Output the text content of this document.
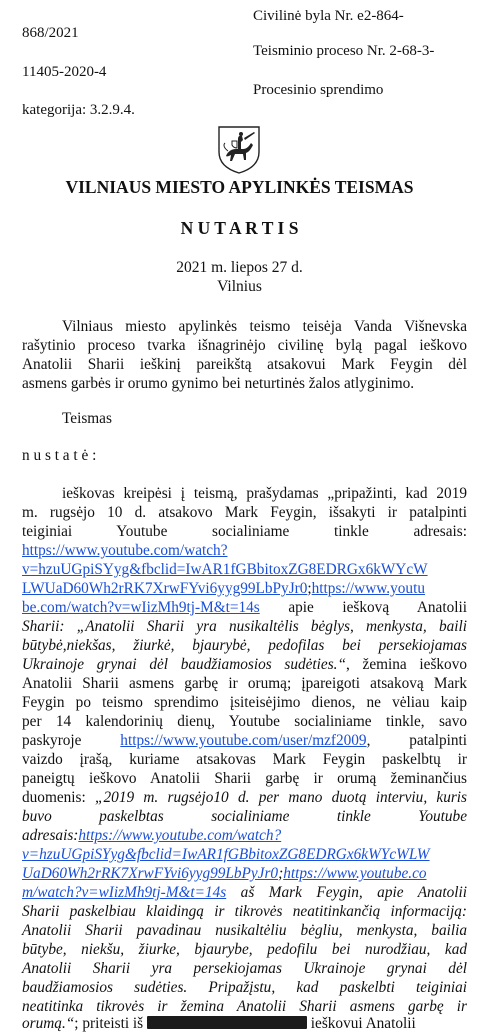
Civilinė byla Nr. e2-864-
868/2021
Teisminio proceso Nr. 2-68-3-
11405-2020-4
Procesinio sprendimo
kategorija: 3.2.9.4.
VILNIAUS MIESTO APYLINKĖS TEISMAS
N U T A R T I S
2021 m. liepos 27 d.
Vilnius
Vilniaus miesto apylinkės teismo teisėja Vanda Višnevska
rašytinio proceso tvarka išnagrinėjo civilinę bylą pagal ieškovo
Anatolii Sharii ieškinį pareikštą atsakovui Mark Feygin dėl
asmens garbės ir orumo gynimo bei neturtinės žalos atlyginimo.
Teismas
n u s t a t ė :
ieškovas kreipėsi į teismą, prašydamas „pripažinti, kad 2019
m. rugsėjo 10 d. atsakovo Mark Feygin, išsakyti ir patalpinti
teiginiai Youtube socialiniame tinkle adresais:
https://www.youtube.com/watch?
v=hzuUGpiSYyg&fbclid=IwAR1fGBbitoxZG8EDRGx6kWYcW
LWUaD60Wh2rRK7XrwFYvi6yyg99LbPyJr0;https://www.youtu
be.com/watch?v=wIizMh9tj-M&t=14s apie ieškovą Anatolii
Sharii: „Anatolii Sharii yra nusikaltėlis bėglys, menkysta, baili
būtybė,niekšas, žiurkė, bjaurybė, pedofilas bei persekiojamas
Ukrainoje grynai dėl baudžiamosios sudėties.“, žemina ieškovo
Anatolii Sharii asmens garbę ir orumą; įpareigoti atsakovą Mark
Feygin po teismo sprendimo įsiteisėjimo dienos, ne vėliau kaip
per 14 kalendorinių dienų, Youtube socialiniame tinkle, savo
paskyroje https://www.youtube.com/user/mzf2009, patalpinti
vaizdo įrašą, kuriame atsakovas Mark Feygin paskelbtų ir
paneigtų ieškovo Anatolii Sharii garbę ir orumą žeminančius
duomenis: „2019 m. rugsėjo10 d. per mano duotą interviu, kuris
buvo paskelbtas socialiniame tinkle Youtube
adresais:https://www.youtube.com/watch?
v=hzuUGpiSYyg&fbclid=IwAR1fGBbitoxZG8EDRGx6kWYcWLW
UaD60Wh2rRK7XrwFYvi6yyg99LbPyJr0;https://www.youtube.co
m/watch?v=wIizMh9tj-M&t=14s aš Mark Feygin, apie Anatolii
Sharii paskelbiau klaidingą ir tikrovės neatitinkančią informaciją:
Anatolii Sharii pavadinau nusikaltėliu bėgliu, menkysta, bailia
būtybe, niekšu, žiurke, bjaurybe, pedofilu bei nurodžiau, kad
Anatolii Sharii yra persekiojamas Ukrainoje grynai dėl
baudžiamosios sudėties. Pripažįstu, kad paskelbti teiginiai
neatitinka tikrovės ir žemina Anatolii Sharii asmens garbę ir
orumą.“; priteisti iš	ieškovui Anatolii
